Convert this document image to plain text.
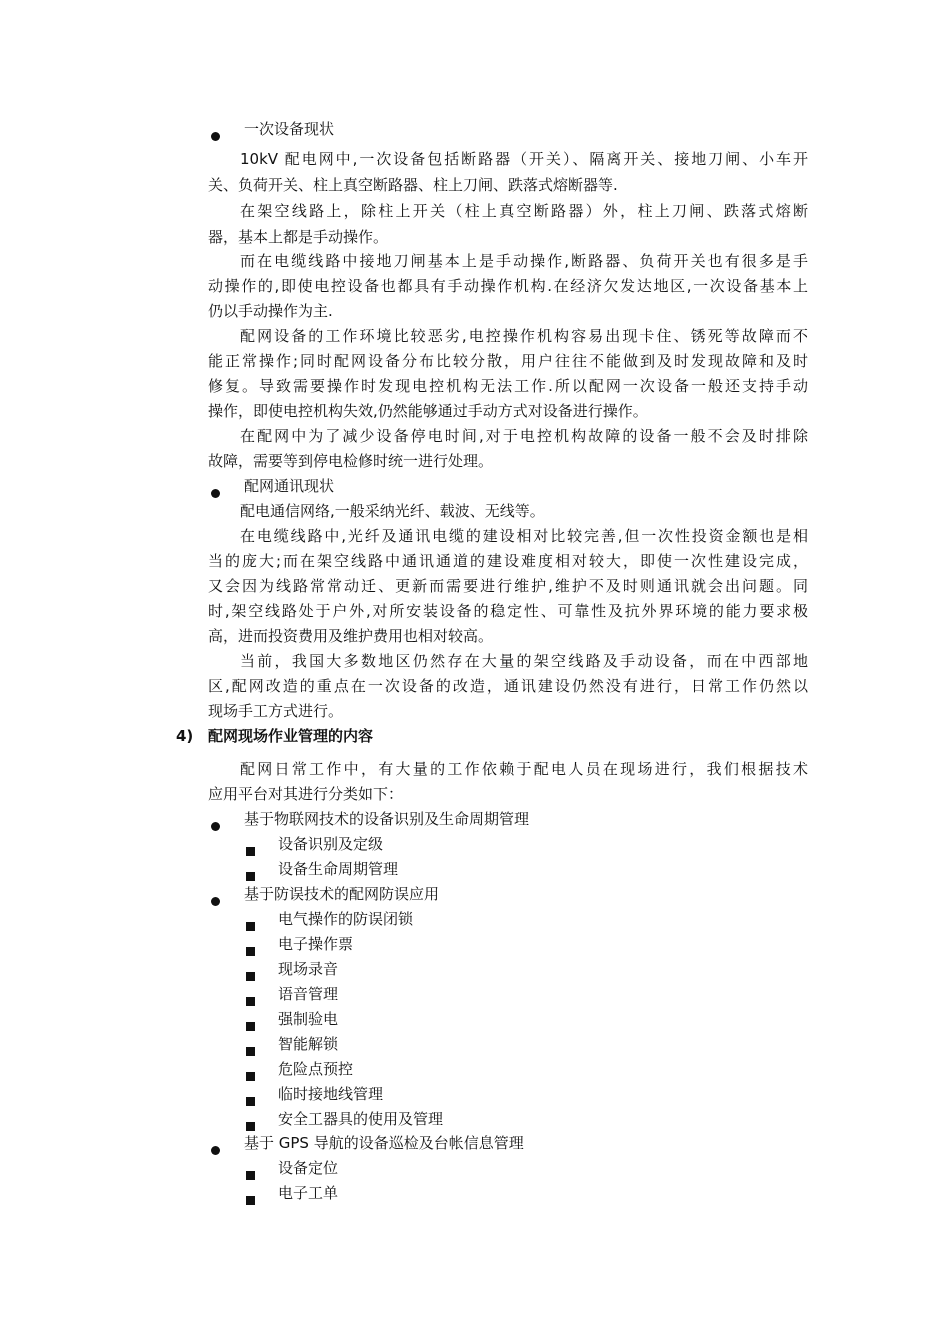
一次设备现状
10kV 配电网中,一次设备包括断路器（开关）、隔离开关、接地刀闸、小车开
关、负荷开关、柱上真空断路器、柱上刀闸、跌落式熔断器等.
在架空线路上，除柱上开关（柱上真空断路器）外，柱上刀闸、跌落式熔断
器，基本上都是手动操作。
而在电缆线路中接地刀闸基本上是手动操作,断路器、负荷开关也有很多是手
动操作的,即使电控设备也都具有手动操作机构.在经济欠发达地区,一次设备基本上
仍以手动操作为主.
配网设备的工作环境比较恶劣,电控操作机构容易出现卡住、锈死等故障而不
能正常操作;同时配网设备分布比较分散，用户往往不能做到及时发现故障和及时
修复。导致需要操作时发现电控机构无法工作.所以配网一次设备一般还支持手动
操作，即使电控机构失效,仍然能够通过手动方式对设备进行操作。
在配网中为了减少设备停电时间,对于电控机构故障的设备一般不会及时排除
故障，需要等到停电检修时统一进行处理。
配网通讯现状
配电通信网络,一般采纳光纤、载波、无线等。
在电缆线路中,光纤及通讯电缆的建设相对比较完善,但一次性投资金额也是相
当的庞大;而在架空线路中通讯通道的建设难度相对较大，即使一次性建设完成，
又会因为线路常常动迁、更新而需要进行维护,维护不及时则通讯就会出问题。同
时,架空线路处于户外,对所安装设备的稳定性、可靠性及抗外界环境的能力要求极
高，进而投资费用及维护费用也相对较高。
当前，我国大多数地区仍然存在大量的架空线路及手动设备，而在中西部地
区,配网改造的重点在一次设备的改造，通讯建设仍然没有进行，日常工作仍然以
现场手工方式进行。
4) 配网现场作业管理的内容
配网日常工作中，有大量的工作依赖于配电人员在现场进行，我们根据技术
应用平台对其进行分类如下：
基于物联网技术的设备识别及生命周期管理
设备识别及定级
设备生命周期管理
基于防误技术的配网防误应用
电气操作的防误闭锁
电子操作票
现场录音
语音管理
强制验电
智能解锁
危险点预控
临时接地线管理
安全工器具的使用及管理
基于 GPS 导航的设备巡检及台帐信息管理
设备定位
电子工单
